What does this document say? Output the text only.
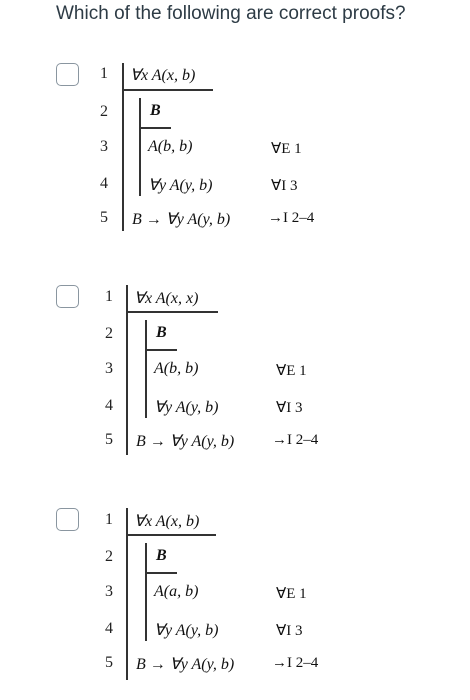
Which of the following are correct proofs?
1
2
3
4
5
∀x A(x, b)
B
A(b, b)
∀y A(y, b)
B → ∀y A(y, b)
∀E 1
∀I 3
→I 2–4
1
2
3
4
5
∀x A(x, x)
B
A(b, b)
∀y A(y, b)
B → ∀y A(y, b)
∀E 1
∀I 3
→I 2–4
1
2
3
4
5
∀x A(x, b)
B
A(a, b)
∀y A(y, b)
B → ∀y A(y, b)
∀E 1
∀I 3
→I 2–4
